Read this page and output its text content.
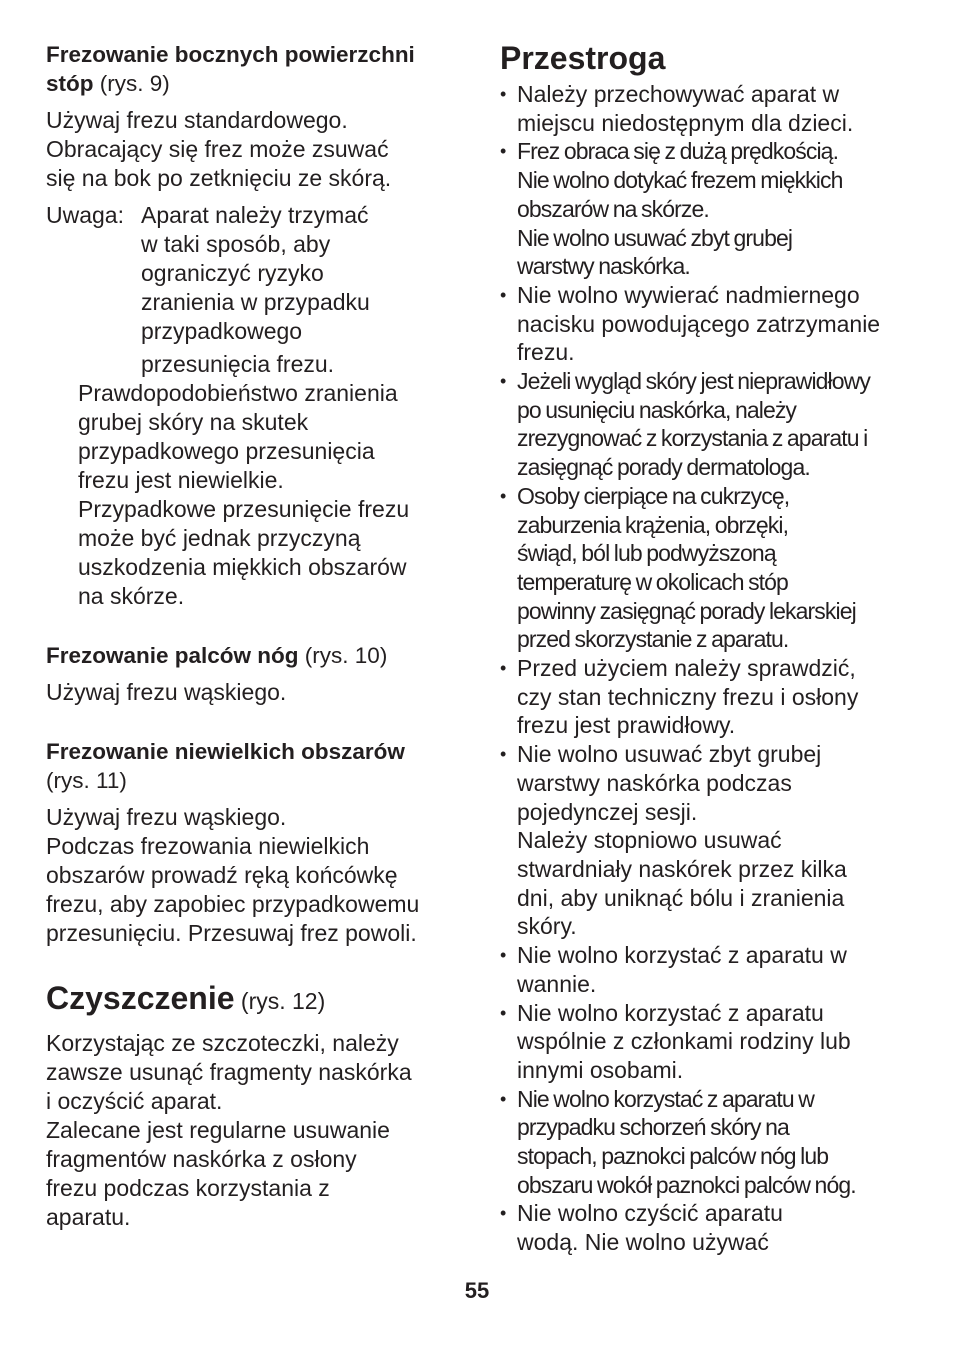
Frezowanie bocznych powierzchni stóp (rys. 9)

Używaj frezu standardowego.
Obracający się frez może zsuwać
się na bok po zetknięciu ze skórą.

Uwaga: Aparat należy trzymać
w taki sposób, aby
ograniczyć ryzyko
zranienia w przypadku
przypadkowego
przesunięcia frezu.
Prawdopodobieństwo zranienia
grubej skóry na skutek
przypadkowego przesunięcia
frezu jest niewielkie.
Przypadkowe przesunięcie frezu
może być jednak przyczyną
uszkodzenia miękkich obszarów
na skórze.

Frezowanie palców nóg (rys. 10)

Używaj frezu wąskiego.

Frezowanie niewielkich obszarów
(rys. 11)

Używaj frezu wąskiego.
Podczas frezowania niewielkich
obszarów prowadź ręką końcówkę
frezu, aby zapobiec przypadkowemu
przesunięciu. Przesuwaj frez powoli.

Czyszczenie (rys. 12)

Korzystając ze szczoteczki, należy
zawsze usunąć fragmenty naskórka
i oczyścić aparat.
Zalecane jest regularne usuwanie
fragmentów naskórka z osłony
frezu podczas korzystania z
aparatu.

Przestroga

• Należy przechowywać aparat w
miejscu niedostępnym dla dzieci.
• Frez obraca się z dużą prędkością.
Nie wolno dotykać frezem miękkich
obszarów na skórze.
Nie wolno usuwać zbyt grubej
warstwy naskórka.
• Nie wolno wywierać nadmiernego
nacisku powodującego zatrzymanie
frezu.
• Jeżeli wygląd skóry jest nieprawidłowy
po usunięciu naskórka, należy
zrezygnować z korzystania z aparatu i
zasięgnąć porady dermatologa.
• Osoby cierpiące na cukrzycę,
zaburzenia krążenia, obrzęki,
świąd, ból lub podwyższoną
temperaturę w okolicach stóp
powinny zasięgnąć porady lekarskiej
przed skorzystanie z aparatu.
• Przed użyciem należy sprawdzić,
czy stan techniczny frezu i osłony
frezu jest prawidłowy.
• Nie wolno usuwać zbyt grubej
warstwy naskórka podczas
pojedynczej sesji.
Należy stopniowo usuwać
stwardniały naskórek przez kilka
dni, aby uniknąć bólu i zranienia
skóry.
• Nie wolno korzystać z aparatu w
wannie.
• Nie wolno korzystać z aparatu
wspólnie z członkami rodziny lub
innymi osobami.
• Nie wolno korzystać z aparatu w
przypadku schorzeń skóry na
stopach, paznokci palców nóg lub
obszaru wokół paznokci palców nóg.
• Nie wolno czyścić aparatu
wodą. Nie wolno używać
55
